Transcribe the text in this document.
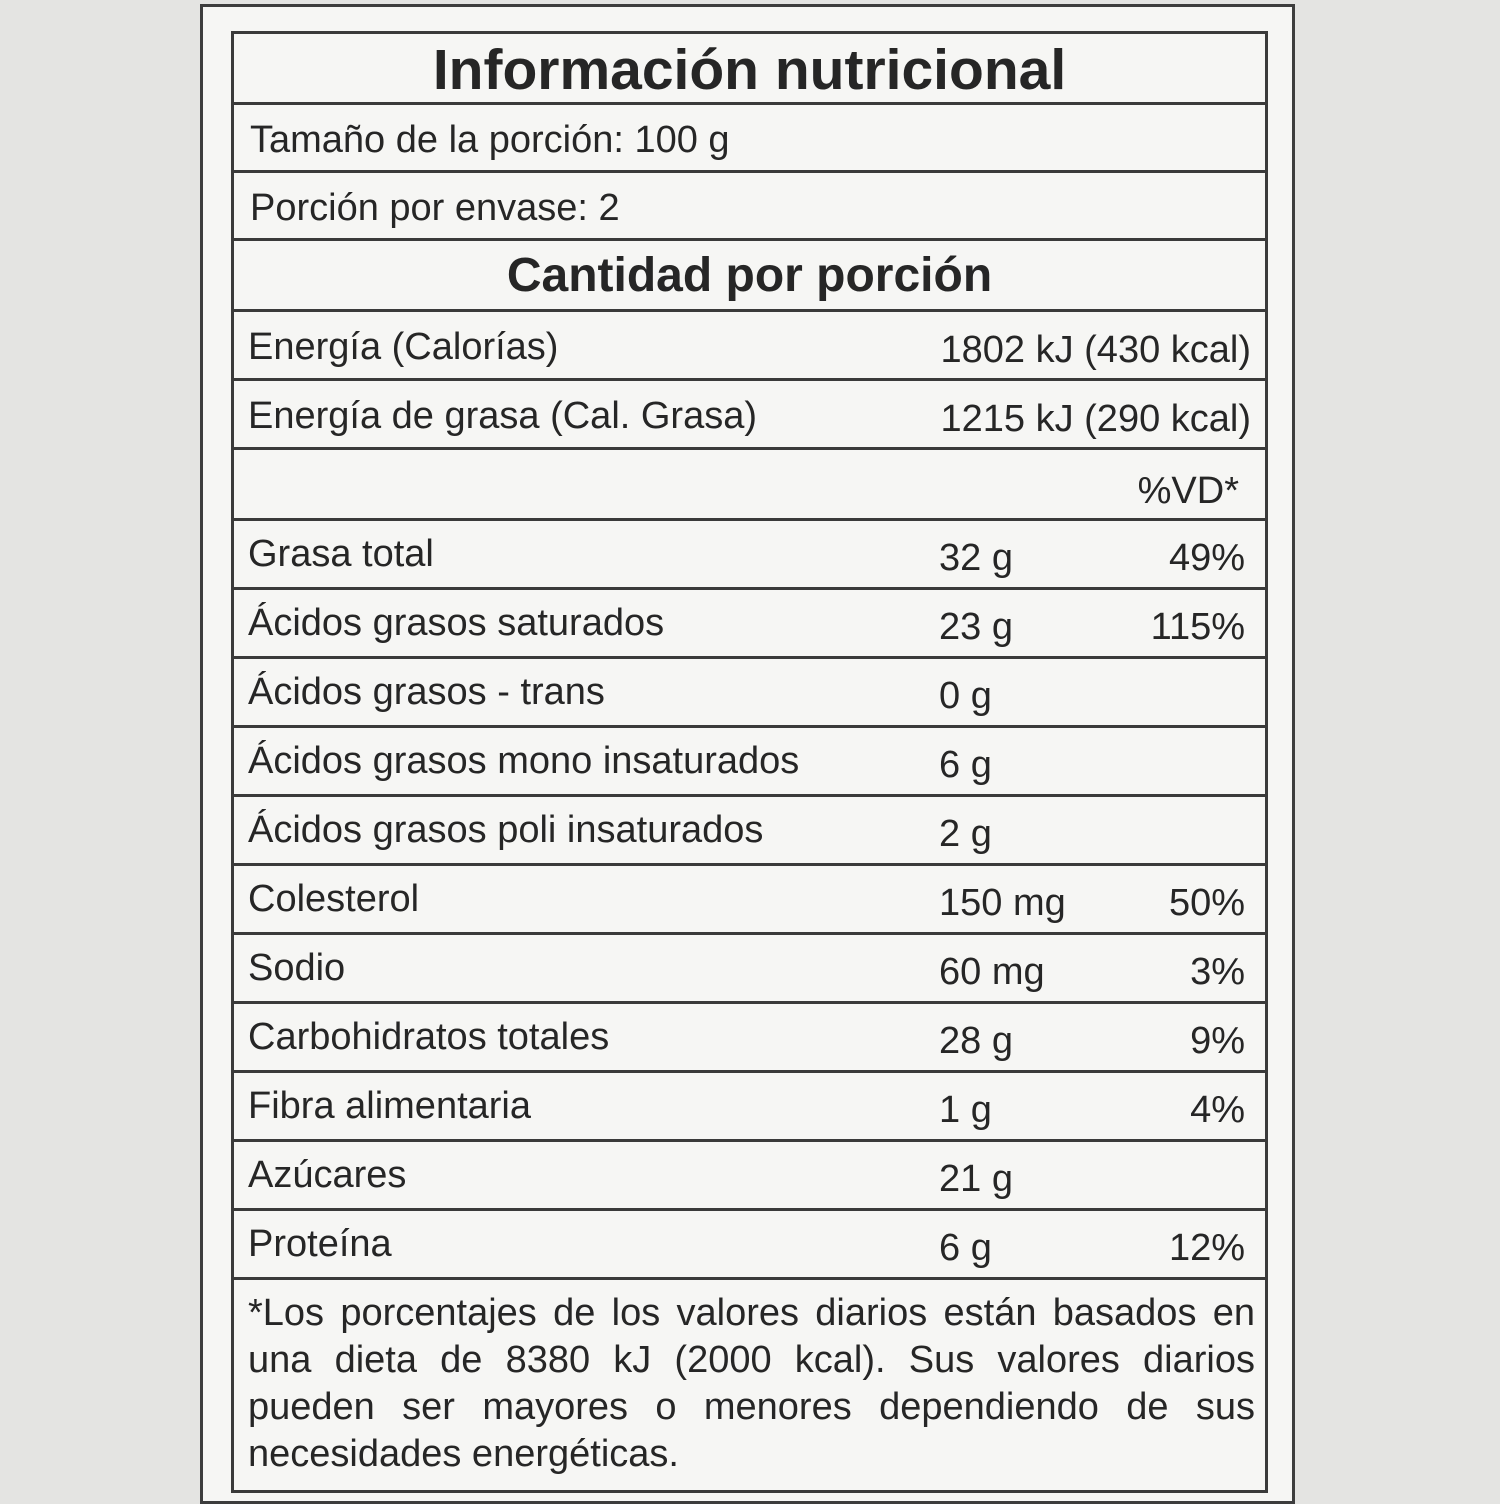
Información nutricional
Tamaño de la porción: 100 g
Porción por envase: 2
Cantidad por porción
Energía (Calorías)	1802 kJ (430 kcal)
Energía de grasa (Cal. Grasa)	1215 kJ (290 kcal)
%VD*
Grasa total	32 g	49%
Ácidos grasos saturados	23 g	115%
Ácidos grasos - trans	0 g
Ácidos grasos mono insaturados	6 g
Ácidos grasos poli insaturados	2 g
Colesterol	150 mg	50%
Sodio	60 mg	3%
Carbohidratos totales	28 g	9%
Fibra alimentaria	1 g	4%
Azúcares	21 g
Proteína	6 g	12%
*Los porcentajes de los valores diarios están basados en una dieta de 8380 kJ (2000 kcal). Sus valores diarios pueden ser mayores o menores dependiendo de sus necesidades energéticas.
